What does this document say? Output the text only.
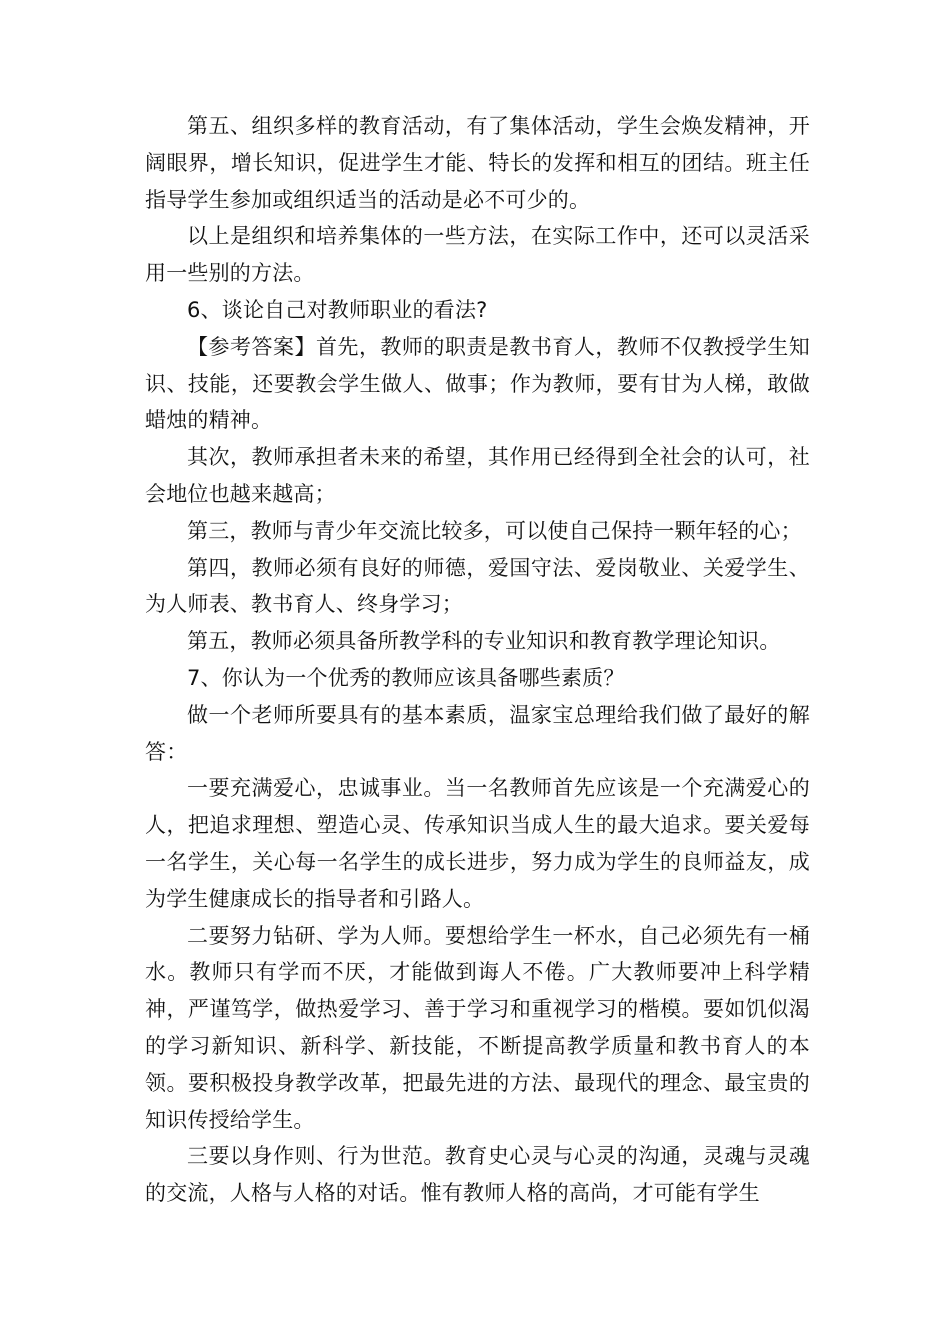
第五、组织多样的教育活动，有了集体活动，学生会焕发精神，开阔眼界，增长知识，促进学生才能、特长的发挥和相互的团结。班主任指导学生参加或组织适当的活动是必不可少的。

以上是组织和培养集体的一些方法，在实际工作中，还可以灵活采用一些别的方法。

6、谈论自己对教师职业的看法?

【参考答案】首先，教师的职责是教书育人，教师不仅教授学生知识、技能，还要教会学生做人、做事；作为教师，要有甘为人梯，敢做蜡烛的精神。

其次，教师承担者未来的希望，其作用已经得到全社会的认可，社会地位也越来越高；

第三，教师与青少年交流比较多，可以使自己保持一颗年轻的心；

第四，教师必须有良好的师德，爱国守法、爱岗敬业、关爱学生、为人师表、教书育人、终身学习；

第五，教师必须具备所教学科的专业知识和教育教学理论知识。

7、你认为一个优秀的教师应该具备哪些素质？

做一个老师所要具有的基本素质，温家宝总理给我们做了最好的解答：

一要充满爱心，忠诚事业。当一名教师首先应该是一个充满爱心的人，把追求理想、塑造心灵、传承知识当成人生的最大追求。要关爱每一名学生，关心每一名学生的成长进步，努力成为学生的良师益友，成为学生健康成长的指导者和引路人。

二要努力钻研、学为人师。要想给学生一杯水，自己必须先有一桶水。教师只有学而不厌，才能做到诲人不倦。广大教师要冲上科学精神，严谨笃学，做热爱学习、善于学习和重视学习的楷模。要如饥似渴的学习新知识、新科学、新技能，不断提高教学质量和教书育人的本领。要积极投身教学改革，把最先进的方法、最现代的理念、最宝贵的知识传授给学生。

三要以身作则、行为世范。教育史心灵与心灵的沟通，灵魂与灵魂的交流，人格与人格的对话。惟有教师人格的高尚，才可能有学生
